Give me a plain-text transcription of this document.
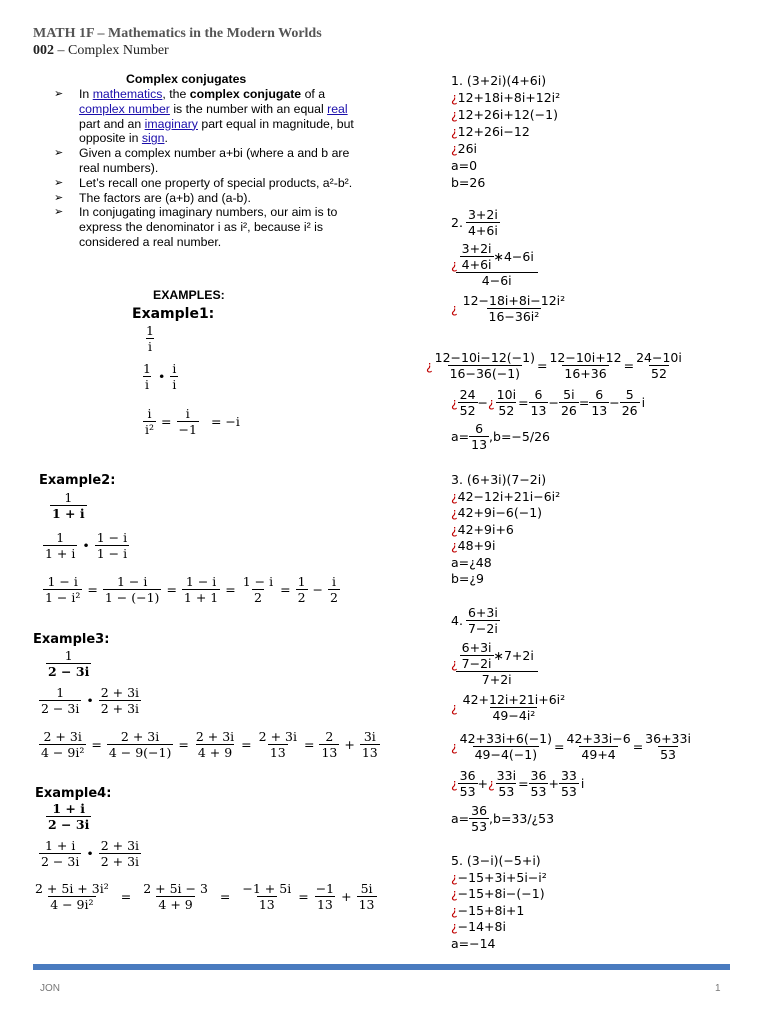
MATH 1F – Mathematics in the Modern Worlds
002 – Complex Number
Complex conjugates
➢ In mathematics, the complex conjugate of a complex number is the number with an equal real part and an imaginary part equal in magnitude, but opposite in sign.
➢ Given a complex number a+bi (where a and b are real numbers).
➢ Let’s recall one property of special products, a²-b².
➢ The factors are (a+b) and (a-b).
➢ In conjugating imaginary numbers, our aim is to express the denominator i as i², because i² is considered a real number.
EXAMPLES:
Example1:
$\frac{1}{i}$
1
i
•
i
i
$\frac{i}{\text{i²}} = \frac{i}{-1} = -i$
Example2:
$\frac{1}{1 + i}$
1
1 + i
•
1 − i
1 − i
$\frac{1 - i}{\text{1 − i²}} = \frac{1 - i}{1 - (-1)} = \frac{1 - i}{1 + 1} = \frac{1 - i}{2} = \frac{1}{2} - \frac{i}{2}$
Example3:
$\frac{1}{2 - 3i}$
1
2 − 3i
•
2 + 3i
2 + 3i
$\frac{2 + 3i}{\text{4 − 9i²}} = \frac{2 + 3i}{4 - 9(-1)} = \frac{2 + 3i}{4 + 9} = \frac{2 + 3i}{13} = \frac{2}{13} + \frac{3i}{13}$
Example4:
$\frac{1 + i}{2 - 3i}$
1 + i
2 − 3i
•
2 + 3i
2 + 3i
$\frac{\text{2 + 5i + 3i²}}{\text{4 − 9i²}} = \frac{2 + 5i - 3}{4 + 9} = \frac{-1 + 5i}{13} = \frac{-1}{13} + \frac{5i}{13}$
1. (3+2i)(4+6i)
¿12+18i+8i+12i²
¿12+26i+12(−1)
¿12+26i−12
¿26i
a=0
b=26
2.
3+2i
4+6i
¿
3+2i
4+6i
∗4−6i
4−6i
¿
12−18i+8i−12i²
16−36i²
¿ $\frac{12-10i-12(-1)}{16-36(-1)} = \frac{12-10i+12}{16+36} = \frac{24-10i}{52}$
¿
24
52
− ¿ $\frac{10i}{52} = \frac{6}{13} - \frac{5i}{26} = \frac{6}{13} - \frac{5}{26}$ i
$a= \frac{6}{13} ,b=-5/26$
3. (6+3i)(7−2i)
¿42−12i+21i−6i²
¿42+9i−6(−1)
¿42+9i+6
¿48+9i
a=¿48
b=¿9
4.
6+3i
7−2i
¿
6+3i
7−2i
∗7+2i
7+2i
¿
42+12i+21i+6i²
49−4i²
¿ $\frac{42+33i+6(-1)}{49-4(-1)} = \frac{42+33i-6}{49+4} = \frac{36+33i}{53}$
¿
36
53
+ ¿ $\frac{33i}{53} = \frac{36}{53} + \frac{33}{53}$ i
$a= \frac{36}{53}$ ,b=33/¿53
5. (3−i)(−5+i)
¿−15+3i+5i−i²
¿−15+8i−(−1)
¿−15+8i+1
¿−14+8i
a=−14
JON	1
